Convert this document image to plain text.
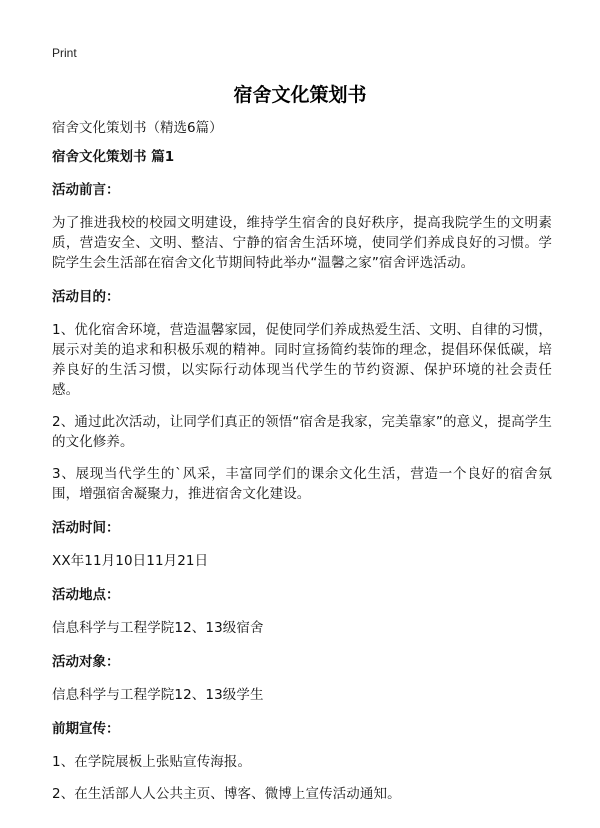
Print
宿舍文化策划书
宿舍文化策划书（精选6篇）
宿舍文化策划书 篇1
活动前言：
为了推进我校的校园文明建设，维持学生宿舍的良好秩序，提高我院学生的文明素质，营造安全、文明、整洁、宁静的宿舍生活环境，使同学们养成良好的习惯。学院学生会生活部在宿舍文化节期间特此举办“温馨之家”宿舍评选活动。
活动目的：
1、优化宿舍环境，营造温馨家园，促使同学们养成热爱生活、文明、自律的习惯，展示对美的追求和积极乐观的精神。同时宣扬简约装饰的理念，提倡环保低碳，培养良好的生活习惯，以实际行动体现当代学生的节约资源、保护环境的社会责任感。
2、通过此次活动，让同学们真正的领悟“宿舍是我家，完美靠家”的意义，提高学生的文化修养。
3、展现当代学生的`风采，丰富同学们的课余文化生活，营造一个良好的宿舍氛围，增强宿舍凝聚力，推进宿舍文化建设。
活动时间：
XX年11月10日11月21日
活动地点：
信息科学与工程学院12、13级宿舍
活动对象：
信息科学与工程学院12、13级学生
前期宣传：
1、在学院展板上张贴宣传海报。
2、在生活部人人公共主页、博客、微博上宣传活动通知。
